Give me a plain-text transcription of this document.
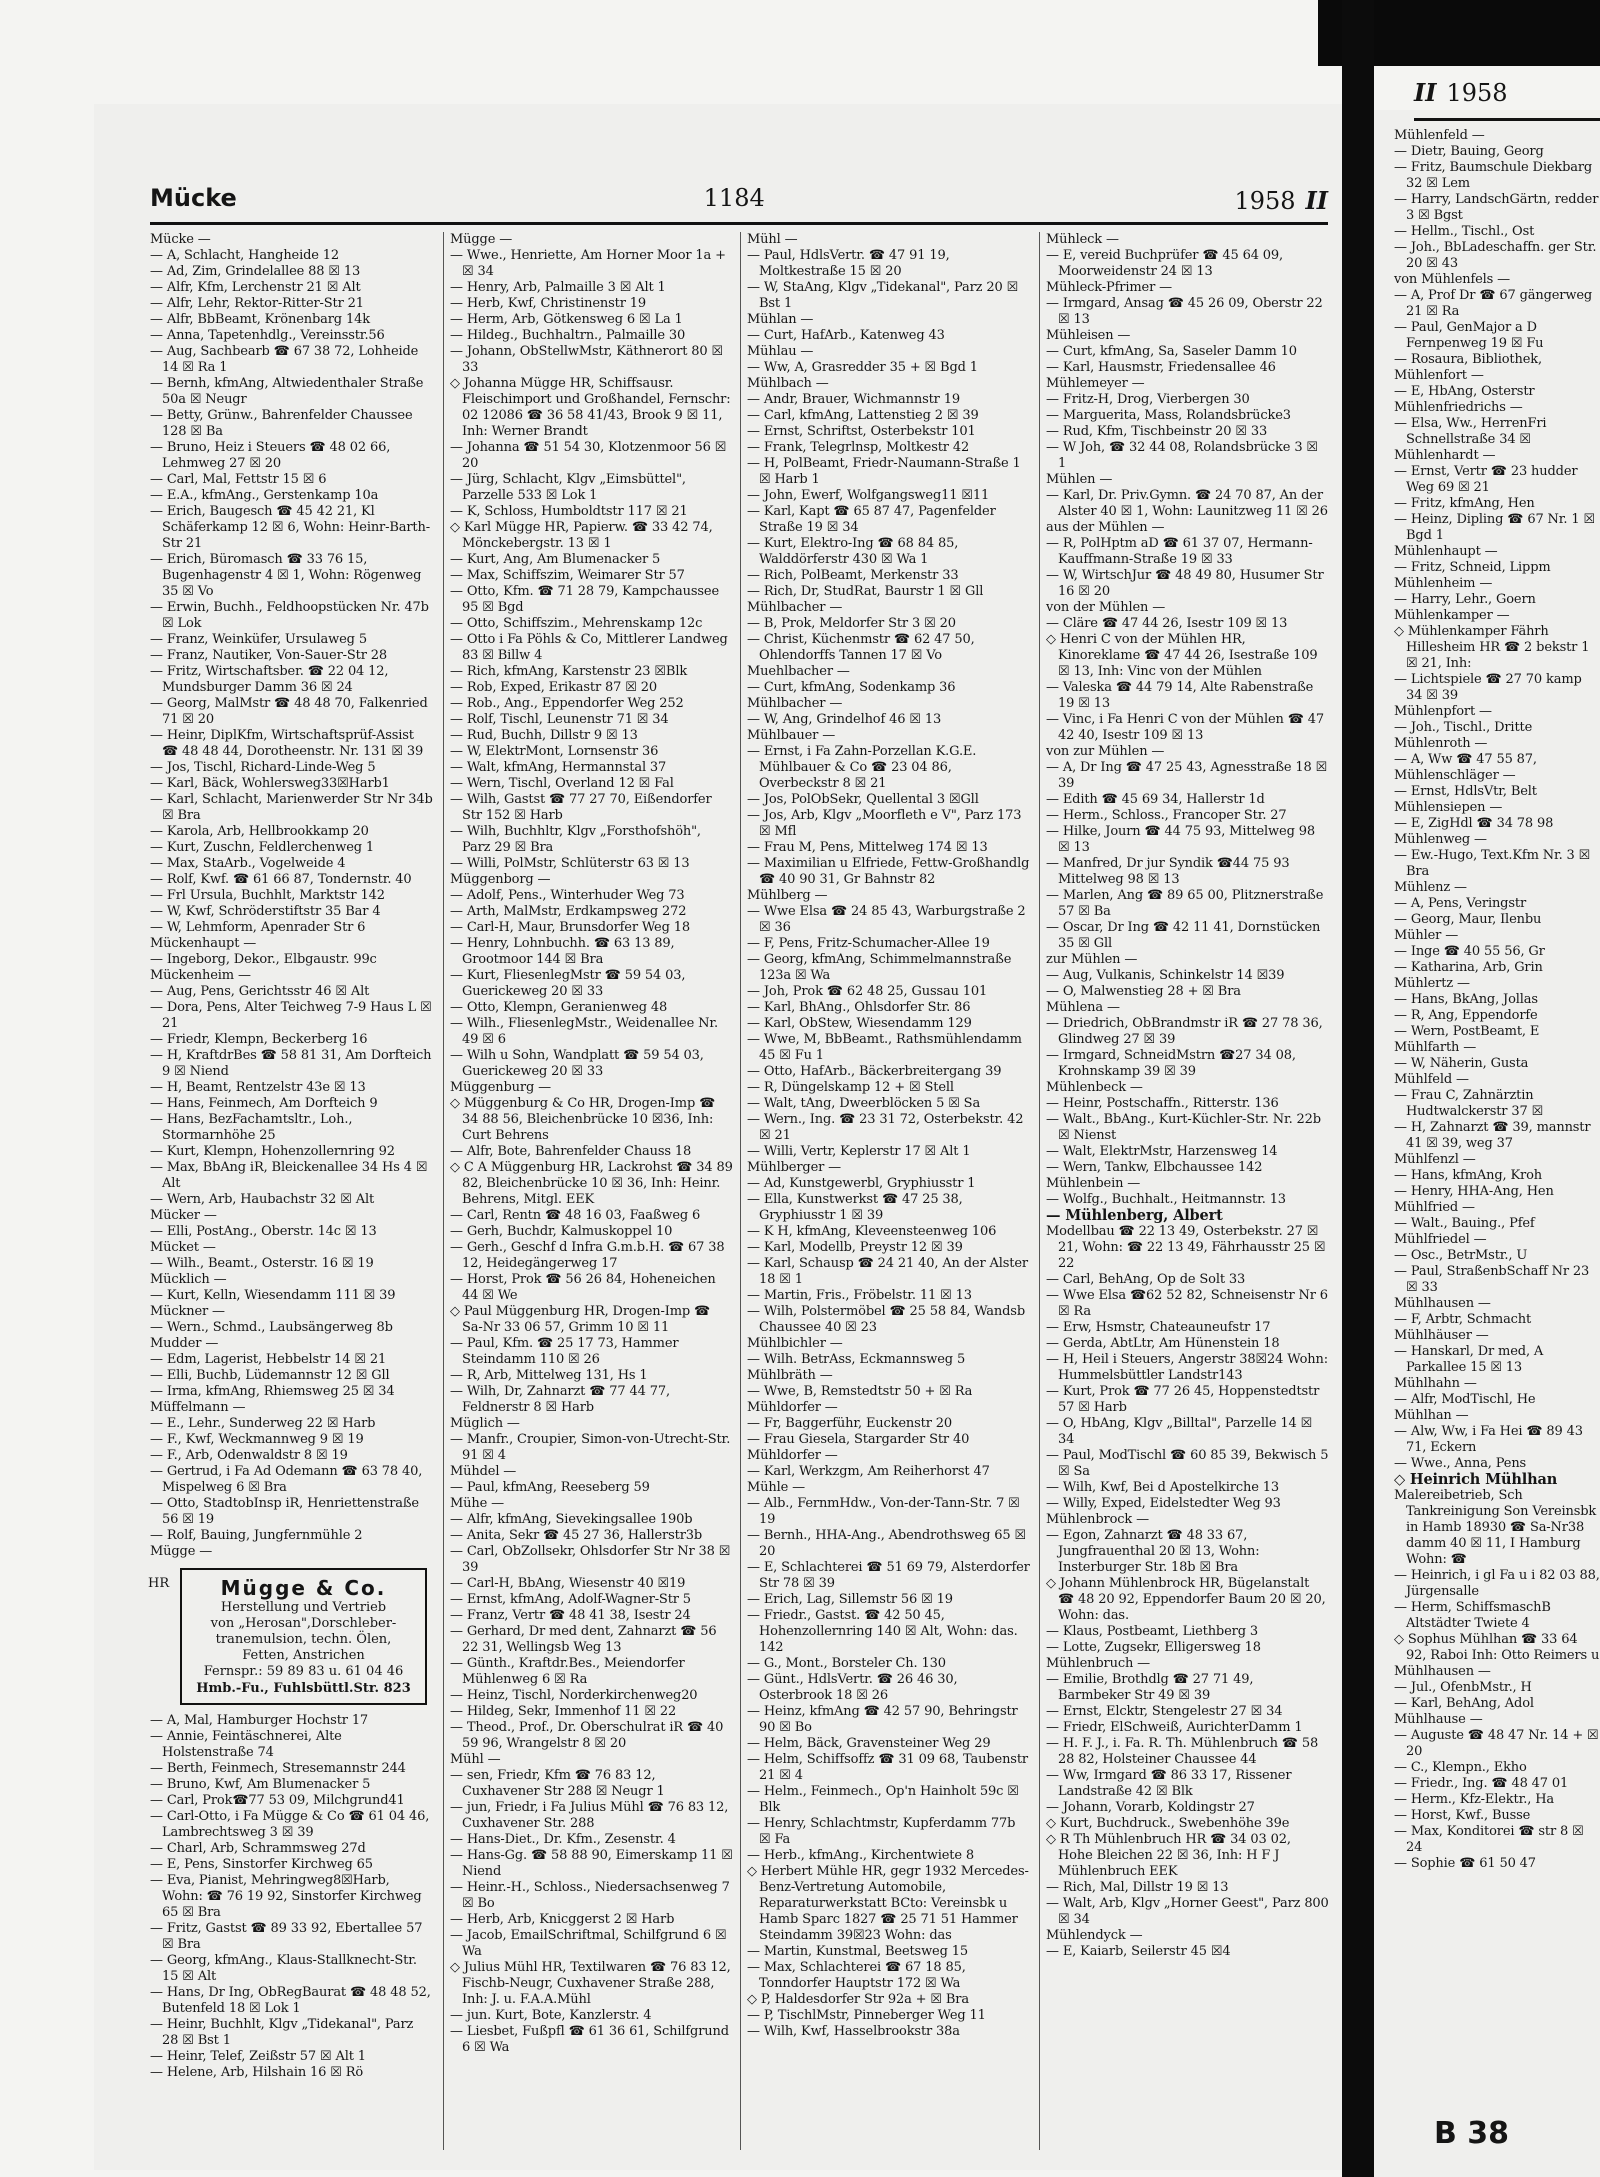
Mücke	1184	1958 II

Mücke —

— A, Schlacht, Hangheide 12

— Ad, Zim, Grindelallee 88 ☒ 13

— Alfr, Kfm, Lerchenstr 21 ☒ Alt

— Alfr, Lehr, Rektor-Ritter-Str 21

— Alfr, BbBeamt, Krönenbarg 14k

— Anna, Tapetenhdlg., Vereinsstr.56

— Aug, Sachbearb ☎ 67 38 72, Lohheide 14 ☒ Ra 1

— Bernh, kfmAng, Altwiedenthaler Straße 50a ☒ Neugr

— Betty, Grünw., Bahrenfelder Chaussee 128 ☒ Ba

— Bruno, Heiz i Steuers ☎ 48 02 66, Lehmweg 27 ☒ 20

— Carl, Mal, Fettstr 15 ☒ 6

— E.A., kfmAng., Gerstenkamp 10a

— Erich, Baugesch ☎ 45 42 21, Kl Schäferkamp 12 ☒ 6, Wohn: Heinr-Barth-Str 21

— Erich, Büromasch ☎ 33 76 15, Bugenhagenstr 4 ☒ 1, Wohn: Rögenweg 35 ☒ Vo

— Erwin, Buchh., Feldhoopstücken Nr. 47b ☒ Lok

— Franz, Weinküfer, Ursulaweg 5

— Franz, Nautiker, Von-Sauer-Str 28

— Fritz, Wirtschaftsber. ☎ 22 04 12, Mundsburger Damm 36 ☒ 24

— Georg, MalMstr ☎ 48 48 70, Falkenried 71 ☒ 20

— Heinr, DiplKfm, Wirtschaftsprüf-Assist ☎ 48 48 44, Dorotheenstr. Nr. 131 ☒ 39

— Jos, Tischl, Richard-Linde-Weg 5

— Karl, Bäck, Wohlersweg33☒Harb1

— Karl, Schlacht, Marienwerder Str Nr 34b ☒ Bra

— Karola, Arb, Hellbrookkamp 20

— Kurt, Zuschn, Feldlerchenweg 1

— Max, StaArb., Vogelweide 4

— Rolf, Kwf. ☎ 61 66 87, Tondernstr. 40

— Frl Ursula, Buchhlt, Marktstr 142

— W, Kwf, Schröderstiftstr 35 Bar 4

— W, Lehmform, Apenrader Str 6

Mückenhaupt —

— Ingeborg, Dekor., Elbgaustr. 99c

Mückenheim —

— Aug, Pens, Gerichtsstr 46 ☒ Alt

— Dora, Pens, Alter Teichweg 7-9 Haus L ☒ 21

— Friedr, Klempn, Beckerberg 16

— H, KraftdrBes ☎ 58 81 31, Am Dorfteich 9 ☒ Niend

— H, Beamt, Rentzelstr 43e ☒ 13

— Hans, Feinmech, Am Dorfteich 9

— Hans, BezFachamtsltr., Loh., Stormarnhöhe 25

— Kurt, Klempn, Hohenzollernring 92

— Max, BbAng iR, Bleickenallee 34 Hs 4 ☒ Alt

— Wern, Arb, Haubachstr 32 ☒ Alt

Mücker —

— Elli, PostAng., Oberstr. 14c ☒ 13

Mücket —

— Wilh., Beamt., Osterstr. 16 ☒ 19

Mücklich —

— Kurt, Kelln, Wiesendamm 111 ☒ 39

Mückner —

— Wern., Schmd., Laubsängerweg 8b

Mudder —

— Edm, Lagerist, Hebbelstr 14 ☒ 21

— Elli, Buchb, Lüdemannstr 12 ☒ Gll

— Irma, kfmAng, Rhiemsweg 25 ☒ 34

Müffelmann —

— E., Lehr., Sunderweg 22 ☒ Harb

— F., Kwf, Weckmannweg 9 ☒ 19

— F., Arb, Odenwaldstr 8 ☒ 19

— Gertrud, i Fa Ad Odemann ☎ 63 78 40, Mispelweg 6 ☒ Bra

— Otto, StadtobInsp iR, Henriettenstraße 56 ☒ 19

— Rolf, Bauing, Jungfernmühle 2

Mügge —

HR	Mügge & Co.
Herstellung und Vertrieb
von „Herosan",Dorschleber-
tranemulsion, techn. Ölen,
Fetten, Anstrichen
Fernspr.: 59 89 83 u. 61 04 46
Hmb.-Fu., Fuhlsbüttl.Str. 823

— A, Mal, Hamburger Hochstr 17

— Annie, Feintäschnerei, Alte Holstenstraße 74

— Berth, Feinmech, Stresemannstr 244

— Bruno, Kwf, Am Blumenacker 5

— Carl, Prok☎77 53 09, Milchgrund41

— Carl-Otto, i Fa Mügge & Co ☎ 61 04 46, Lambrechtsweg 3 ☒ 39

— Charl, Arb, Schrammsweg 27d

— E, Pens, Sinstorfer Kirchweg 65

— Eva, Pianist, Mehringweg8☒Harb, Wohn: ☎ 76 19 92, Sinstorfer Kirchweg 65 ☒ Bra

— Fritz, Gastst ☎ 89 33 92, Ebertallee 57 ☒ Bra

— Georg, kfmAng., Klaus-Stallknecht-Str. 15 ☒ Alt

— Hans, Dr Ing, ObRegBaurat ☎ 48 48 52, Butenfeld 18 ☒ Lok 1

— Heinr, Buchhlt, Klgv „Tidekanal", Parz 28 ☒ Bst 1

— Heinr, Telef, Zeißstr 57 ☒ Alt 1

— Helene, Arb, Hilshain 16 ☒ Rö

Mügge —

— Wwe., Henriette, Am Horner Moor 1a + ☒ 34

— Henry, Arb, Palmaille 3 ☒ Alt 1

— Herb, Kwf, Christinenstr 19

— Herm, Arb, Götkensweg 6 ☒ La 1

— Hildeg., Buchhaltrn., Palmaille 30

— Johann, ObStellwMstr, Käthnerort 80 ☒ 33

◇ Johanna Mügge HR, Schiffsausr. Fleischimport und Großhandel, Fernschr: 02 12086 ☎ 36 58 41/43, Brook 9 ☒ 11, Inh: Werner Brandt

— Johanna ☎ 51 54 30, Klotzenmoor 56 ☒ 20

— Jürg, Schlacht, Klgv „Eimsbüttel", Parzelle 533 ☒ Lok 1

— K, Schloss, Humboldtstr 117 ☒ 21

◇ Karl Mügge HR, Papierw. ☎ 33 42 74, Mönckebergstr. 13 ☒ 1

— Kurt, Ang, Am Blumenacker 5

— Max, Schiffszim, Weimarer Str 57

— Otto, Kfm. ☎ 71 28 79, Kampchaussee 95 ☒ Bgd

— Otto, Schiffszim., Mehrenskamp 12c

— Otto i Fa Pöhls & Co, Mittlerer Landweg 83 ☒ Billw 4

— Rich, kfmAng, Karstenstr 23 ☒Blk

— Rob, Exped, Erikastr 87 ☒ 20

— Rob., Ang., Eppendorfer Weg 252

— Rolf, Tischl, Leunenstr 71 ☒ 34

— Rud, Buchh, Dillstr 9 ☒ 13

— W, ElektrMont, Lornsenstr 36

— Walt, kfmAng, Hermannstal 37

— Wern, Tischl, Overland 12 ☒ Fal

— Wilh, Gastst ☎ 77 27 70, Eißendorfer Str 152 ☒ Harb

— Wilh, Buchhltr, Klgv „Forsthofshöh", Parz 29 ☒ Bra

— Willi, PolMstr, Schlüterstr 63 ☒ 13

Müggenborg —

— Adolf, Pens., Winterhuder Weg 73

— Arth, MalMstr, Erdkampsweg 272

— Carl-H, Maur, Brunsdorfer Weg 18

— Henry, Lohnbuchh. ☎ 63 13 89, Grootmoor 144 ☒ Bra

— Kurt, FliesenlegMstr ☎ 59 54 03, Guerickeweg 20 ☒ 33

— Otto, Klempn, Geranienweg 48

— Wilh., FliesenlegMstr., Weidenallee Nr. 49 ☒ 6

— Wilh u Sohn, Wandplatt ☎ 59 54 03, Guerickeweg 20 ☒ 33

Müggenburg —

◇ Müggenburg & Co HR, Drogen-Imp ☎ 34 88 56, Bleichenbrücke 10 ☒36, Inh: Curt Behrens

— Alfr, Bote, Bahrenfelder Chauss 18

◇ C A Müggenburg HR, Lackrohst ☎ 34 89 82, Bleichenbrücke 10 ☒ 36, Inh: Heinr. Behrens, Mitgl. EEK

— Carl, Rentn ☎ 48 16 03, Faaßweg 6

— Gerh, Buchdr, Kalmuskoppel 10

— Gerh., Geschf d Infra G.m.b.H. ☎ 67 38 12, Heidegängerweg 17

— Horst, Prok ☎ 56 26 84, Hoheneichen 44 ☒ We

◇ Paul Müggenburg HR, Drogen-Imp ☎ Sa-Nr 33 06 57, Grimm 10 ☒ 11

— Paul, Kfm. ☎ 25 17 73, Hammer Steindamm 110 ☒ 26

— R, Arb, Mittelweg 131, Hs 1

— Wilh, Dr, Zahnarzt ☎ 77 44 77, Feldnerstr 8 ☒ Harb

Müglich —

— Manfr., Croupier, Simon-von-Utrecht-Str. 91 ☒ 4

Mühdel —

— Paul, kfmAng, Reeseberg 59

Mühe —

— Alfr, kfmAng, Sievekingsallee 190b

— Anita, Sekr ☎ 45 27 36, Hallerstr3b

— Carl, ObZollsekr, Ohlsdorfer Str Nr 38 ☒ 39

— Carl-H, BbAng, Wiesenstr 40 ☒19

— Ernst, kfmAng, Adolf-Wagner-Str 5

— Franz, Vertr ☎ 48 41 38, Isestr 24

— Gerhard, Dr med dent, Zahnarzt ☎ 56 22 31, Wellingsb Weg 13

— Günth., Kraftdr.Bes., Meiendorfer Mühlenweg 6 ☒ Ra

— Heinz, Tischl, Norderkirchenweg20

— Hildeg, Sekr, Immenhof 11 ☒ 22

— Theod., Prof., Dr. Oberschulrat iR ☎ 40 59 96, Wrangelstr 8 ☒ 20

Mühl —

— sen, Friedr, Kfm ☎ 76 83 12, Cuxhavener Str 288 ☒ Neugr 1

— jun, Friedr, i Fa Julius Mühl ☎ 76 83 12, Cuxhavener Str. 288

— Hans-Diet., Dr. Kfm., Zesenstr. 4

— Hans-Gg. ☎ 58 88 90, Eimerskamp 11 ☒ Niend

— Heinr.-H., Schloss., Niedersachsenweg 7 ☒ Bo

— Herb, Arb, Knicggerst 2 ☒ Harb

— Jacob, EmailSchriftmal, Schilfgrund 6 ☒ Wa

◇ Julius Mühl HR, Textilwaren ☎ 76 83 12, Fischb-Neugr, Cuxhavener Straße 288, Inh: J. u. F.A.A.Mühl

— jun. Kurt, Bote, Kanzlerstr. 4

— Liesbet, Fußpfl ☎ 61 36 61, Schilfgrund 6 ☒ Wa

Mühl —

— Paul, HdlsVertr. ☎ 47 91 19, Moltkestraße 15 ☒ 20

— W, StaAng, Klgv „Tidekanal", Parz 20 ☒ Bst 1

Mühlan —

— Curt, HafArb., Katenweg 43

Mühlau —

— Ww, A, Grasredder 35 + ☒ Bgd 1

Mühlbach —

— Andr, Brauer, Wichmannstr 19

— Carl, kfmAng, Lattenstieg 2 ☒ 39

— Ernst, Schriftst, Osterbekstr 101

— Frank, Telegrlnsp, Moltkestr 42

— H, PolBeamt, Friedr-Naumann-Straße 1 ☒ Harb 1

— John, Ewerf, Wolfgangsweg11 ☒11

— Karl, Kapt ☎ 65 87 47, Pagenfelder Straße 19 ☒ 34

— Kurt, Elektro-Ing ☎ 68 84 85, Walddörferstr 430 ☒ Wa 1

— Rich, PolBeamt, Merkenstr 33

— Rich, Dr, StudRat, Baurstr 1 ☒ Gll

Mühlbacher —

— B, Prok, Meldorfer Str 3 ☒ 20

— Christ, Küchenmstr ☎ 62 47 50, Ohlendorffs Tannen 17 ☒ Vo

Muehlbacher —

— Curt, kfmAng, Sodenkamp 36

Mühlbacher —

— W, Ang, Grindelhof 46 ☒ 13

Mühlbauer —

— Ernst, i Fa Zahn-Porzellan K.G.E. Mühlbauer & Co ☎ 23 04 86, Overbeckstr 8 ☒ 21

— Jos, PolObSekr, Quellental 3 ☒Gll

— Jos, Arb, Klgv „Moorfleth e V", Parz 173 ☒ Mfl

— Frau M, Pens, Mittelweg 174 ☒ 13

— Maximilian u Elfriede, Fettw-Großhandlg ☎ 40 90 31, Gr Bahnstr 82

Mühlberg —

— Wwe Elsa ☎ 24 85 43, Warburgstraße 2 ☒ 36

— F, Pens, Fritz-Schumacher-Allee 19

— Georg, kfmAng, Schimmelmannstraße 123a ☒ Wa

— Joh, Prok ☎ 62 48 25, Gussau 101

— Karl, BhAng., Ohlsdorfer Str. 86

— Karl, ObStew, Wiesendamm 129

— Wwe, M, BbBeamt., Rathsmühlendamm 45 ☒ Fu 1

— Otto, HafArb., Bäckerbreitergang 39

— R, Düngelskamp 12 + ☒ Stell

— Walt, tAng, Dweerblöcken 5 ☒ Sa

— Wern., Ing. ☎ 23 31 72, Osterbekstr. 42 ☒ 21

— Willi, Vertr, Keplerstr 17 ☒ Alt 1

Mühlberger —

— Ad, Kunstgewerbl, Gryphiusstr 1

— Ella, Kunstwerkst ☎ 47 25 38, Gryphiusstr 1 ☒ 39

— K H, kfmAng, Kleveensteenweg 106

— Karl, Modellb, Preystr 12 ☒ 39

— Karl, Schausp ☎ 24 21 40, An der Alster 18 ☒ 1

— Martin, Fris., Fröbelstr. 11 ☒ 13

— Wilh, Polstermöbel ☎ 25 58 84, Wandsb Chaussee 40 ☒ 23

Mühlbichler —

— Wilh. BetrAss, Eckmannsweg 5

Mühlbräth —

— Wwe, B, Remstedtstr 50 + ☒ Ra

Mühldorfer —

— Fr, Baggerführ, Euckenstr 20

— Frau Giesela, Stargarder Str 40

Mühldorfer —

— Karl, Werkzgm, Am Reiherhorst 47

Mühle —

— Alb., FernmHdw., Von-der-Tann-Str. 7 ☒ 19

— Bernh., HHA-Ang., Abendrothsweg 65 ☒ 20

— E, Schlachterei ☎ 51 69 79, Alsterdorfer Str 78 ☒ 39

— Erich, Lag, Sillemstr 56 ☒ 19

— Friedr., Gastst. ☎ 42 50 45, Hohenzollernring 140 ☒ Alt, Wohn: das. 142

— G., Mont., Borsteler Ch. 130

— Günt., HdlsVertr. ☎ 26 46 30, Osterbrook 18 ☒ 26

— Heinz, kfmAng ☎ 42 57 90, Behringstr 90 ☒ Bo

— Helm, Bäck, Gravensteiner Weg 29

— Helm, Schiffsoffz ☎ 31 09 68, Taubenstr 21 ☒ 4

— Helm., Feinmech., Op'n Hainholt 59c ☒ Blk

— Henry, Schlachtmstr, Kupferdamm 77b ☒ Fa

— Herb., kfmAng., Kirchentwiete 8

◇ Herbert Mühle HR, gegr 1932 Mercedes-Benz-Vertretung Automobile, Reparaturwerkstatt BCto: Vereinsbk u Hamb Sparc 1827 ☎ 25 71 51 Hammer Steindamm 39☒23 Wohn: das

— Martin, Kunstmal, Beetsweg 15

— Max, Schlachterei ☎ 67 18 85, Tonndorfer Hauptstr 172 ☒ Wa

◇ P, Haldesdorfer Str 92a + ☒ Bra

— P, TischlMstr, Pinneberger Weg 11

— Wilh, Kwf, Hasselbrookstr 38a

Mühleck —

— E, vereid Buchprüfer ☎ 45 64 09, Moorweidenstr 24 ☒ 13

Mühleck-Pfrimer —

— Irmgard, Ansag ☎ 45 26 09, Oberstr 22 ☒ 13

Mühleisen —

— Curt, kfmAng, Sa, Saseler Damm 10

— Karl, Hausmstr, Friedensallee 46

Mühlemeyer —

— Fritz-H, Drog, Vierbergen 30

— Marguerita, Mass, Rolandsbrücke3

— Rud, Kfm, Tischbeinstr 20 ☒ 33

— W Joh, ☎ 32 44 08, Rolandsbrücke 3 ☒ 1

Mühlen —

— Karl, Dr. Priv.Gymn. ☎ 24 70 87, An der Alster 40 ☒ 1, Wohn: Launitzweg 11 ☒ 26

aus der Mühlen —

— R, PolHptm aD ☎ 61 37 07, Hermann-Kauffmann-Straße 19 ☒ 33

— W, WirtschJur ☎ 48 49 80, Husumer Str 16 ☒ 20

von der Mühlen —

— Cläre ☎ 47 44 26, Isestr 109 ☒ 13

◇ Henri C von der Mühlen HR, Kinoreklame ☎ 47 44 26, Isestraße 109 ☒ 13, Inh: Vinc von der Mühlen

— Valeska ☎ 44 79 14, Alte Rabenstraße 19 ☒ 13

— Vinc, i Fa Henri C von der Mühlen ☎ 47 42 40, Isestr 109 ☒ 13

von zur Mühlen —

— A, Dr Ing ☎ 47 25 43, Agnesstraße 18 ☒ 39

— Edith ☎ 45 69 34, Hallerstr 1d

— Herm., Schloss., Francoper Str. 27

— Hilke, Journ ☎ 44 75 93, Mittelweg 98 ☒ 13

— Manfred, Dr jur Syndik ☎44 75 93 Mittelweg 98 ☒ 13

— Marlen, Ang ☎ 89 65 00, Plitznerstraße 57 ☒ Ba

— Oscar, Dr Ing ☎ 42 11 41, Dornstücken 35 ☒ Gll

zur Mühlen —

— Aug, Vulkanis, Schinkelstr 14 ☒39

— O, Malwenstieg 28 + ☒ Bra

Mühlena —

— Driedrich, ObBrandmstr iR ☎ 27 78 36, Glindweg 27 ☒ 39

— Irmgard, SchneidMstrn ☎27 34 08, Krohnskamp 39 ☒ 39

Mühlenbeck —

— Heinr, Postschaffn., Ritterstr. 136

— Walt., BbAng., Kurt-Küchler-Str. Nr. 22b ☒ Nienst

— Walt, ElektrMstr, Harzensweg 14

— Wern, Tankw, Elbchaussee 142

Mühlenbein —

— Wolfg., Buchhalt., Heitmannstr. 13

— Mühlenberg, Albert

Modellbau ☎ 22 13 49, Osterbekstr. 27 ☒ 21, Wohn: ☎ 22 13 49, Fährhausstr 25 ☒ 22

— Carl, BehAng, Op de Solt 33

— Wwe Elsa ☎62 52 82, Schneisenstr Nr 6 ☒ Ra

— Erw, Hsmstr, Chateauneufstr 17

— Gerda, AbtLtr, Am Hünenstein 18

— H, Heil i Steuers, Angerstr 38☒24 Wohn: Hummelsbüttler Landstr143

— Kurt, Prok ☎ 77 26 45, Hoppenstedtstr 57 ☒ Harb

— O, HbAng, Klgv „Billtal", Parzelle 14 ☒ 34

— Paul, ModTischl ☎ 60 85 39, Bekwisch 5 ☒ Sa

— Wilh, Kwf, Bei d Apostelkirche 13

— Willy, Exped, Eidelstedter Weg 93

Mühlenbrock —

— Egon, Zahnarzt ☎ 48 33 67, Jungfrauenthal 20 ☒ 13, Wohn: Insterburger Str. 18b ☒ Bra

◇ Johann Mühlenbrock HR, Bügelanstalt ☎ 48 20 92, Eppendorfer Baum 20 ☒ 20, Wohn: das.

— Klaus, Postbeamt, Liethberg 3

— Lotte, Zugsekr, Elligersweg 18

Mühlenbruch —

— Emilie, Brothdlg ☎ 27 71 49, Barmbeker Str 49 ☒ 39

— Ernst, Elcktr, Stengelestr 27 ☒ 34

— Friedr, ElSchweiß, AurichterDamm 1

— H. F. J., i. Fa. R. Th. Mühlenbruch ☎ 58 28 82, Holsteiner Chaussee 44

— Ww, Irmgard ☎ 86 33 17, Rissener Landstraße 42 ☒ Blk

— Johann, Vorarb, Koldingstr 27

◇ Kurt, Buchdruck., Swebenhöhe 39e

◇ R Th Mühlenbruch HR ☎ 34 03 02, Hohe Bleichen 22 ☒ 36, Inh: H F J Mühlenbruch EEK

— Rich, Mal, Dillstr 19 ☒ 13

— Walt, Arb, Klgv „Horner Geest", Parz 800 ☒ 34

Mühlendyck —

— E, Kaiarb, Seilerstr 45 ☒4

II 1958

Mühlenfeld —

— Dietr, Bauing, Georg

— Fritz, Baumschule Diekbarg 32 ☒ Lem

— Harry, LandschGärtn, redder 3 ☒ Bgst

— Hellm., Tischl., Ost

— Joh., BbLadeschaffn. ger Str. 20 ☒ 43

von Mühlenfels —

— A, Prof Dr ☎ 67 gängerweg 21 ☒ Ra

— Paul, GenMajor a D Fernpenweg 19 ☒ Fu

— Rosaura, Bibliothek,

Mühlenfort —

— E, HbAng, Osterstr

Mühlenfriedrichs —

— Elsa, Ww., HerrenFri Schnellstraße 34 ☒

Mühlenhardt —

— Ernst, Vertr ☎ 23 hudder Weg 69 ☒ 21

— Fritz, kfmAng, Hen

— Heinz, Dipling ☎ 67 Nr. 1 ☒ Bgd 1

Mühlenhaupt —

— Fritz, Schneid, Lippm

Mühlenheim —

— Harry, Lehr., Goern

Mühlenkamper —

◇ Mühlenkamper Fährh Hillesheim HR ☎ 2 bekstr 1 ☒ 21, Inh:

— Lichtspiele ☎ 27 70 kamp 34 ☒ 39

Mühlenpfort —

— Joh., Tischl., Dritte

Mühlenroth —

— A, Ww ☎ 47 55 87,

Mühlenschläger —

— Ernst, HdlsVtr, Belt

Mühlensiepen —

— E, ZigHdl ☎ 34 78 98

Mühlenweg —

— Ew.-Hugo, Text.Kfm Nr. 3 ☒ Bra

Mühlenz —

— A, Pens, Veringstr

— Georg, Maur, Ilenbu

Mühler —

— Inge ☎ 40 55 56, Gr

— Katharina, Arb, Grin

Mühlertz —

— Hans, BkAng, Jollas

— R, Ang, Eppendorfe

— Wern, PostBeamt, E

Mühlfarth —

— W, Näherin, Gusta

Mühlfeld —

— Frau C, Zahnärztin Hudtwalckerstr 37 ☒

— H, Zahnarzt ☎ 39, mannstr 41 ☒ 39, weg 37

Mühlfenzl —

— Hans, kfmAng, Kroh

— Henry, HHA-Ang, Hen

Mühlfried —

— Walt., Bauing., Pfef

Mühlfriedel —

— Osc., BetrMstr., U

— Paul, StraßenbSchaff Nr 23 ☒ 33

Mühlhausen —

— F, Arbtr, Schmacht

Mühlhäuser —

— Hanskarl, Dr med, A Parkallee 15 ☒ 13

Mühlhahn —

— Alfr, ModTischl, He

Mühlhan —

— Alw, Ww, i Fa Hei ☎ 89 43 71, Eckern

— Wwe., Anna, Pens

◇ Heinrich Mühlhan

Malereibetrieb, Sch Tankreinigung Son Vereinsbk in Hamb 18930 ☎ Sa-Nr38 damm 40 ☒ 11, I Hamburg Wohn: ☎

— Heinrich, i gl Fa u i 82 03 88, Jürgensalle

— Herm, SchiffsmaschB Altstädter Twiete 4

◇ Sophus Mühlhan ☎ 33 64 92, Raboi Inh: Otto Reimers u

Mühlhausen —

— Jul., OfenbMstr., H

— Karl, BehAng, Adol

Mühlhause —

— Auguste ☎ 48 47 Nr. 14 + ☒ 20

— C., Klempn., Ekho

— Friedr., Ing. ☎ 48 47 01

— Herm., Kfz-Elektr., Ha

— Horst, Kwf., Busse

— Max, Konditorei ☎ str 8 ☒ 24

— Sophie ☎ 61 50 47

B 38
